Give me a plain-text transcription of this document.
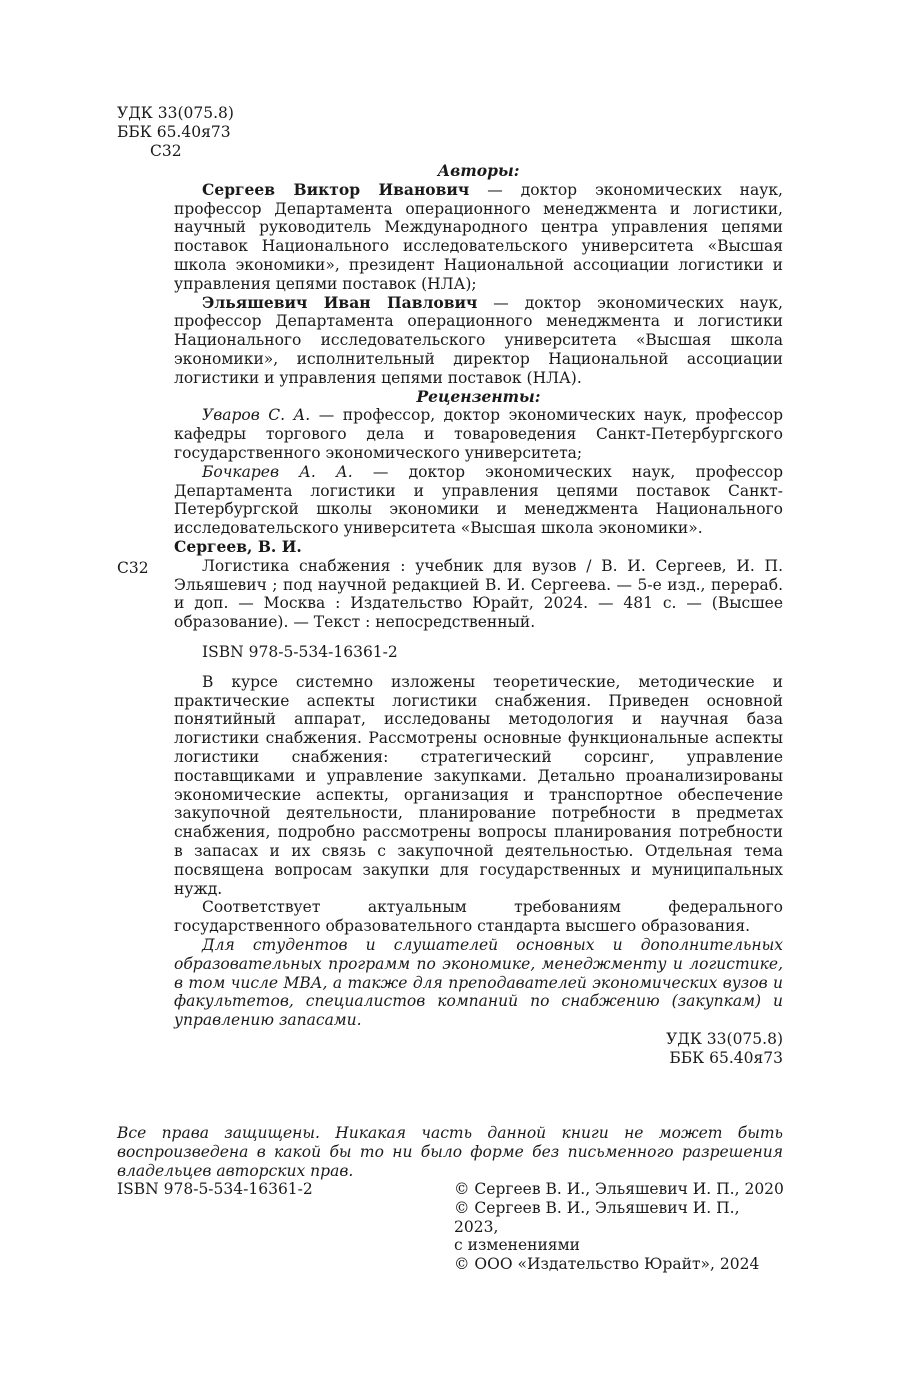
УДК 33(075.8)

ББК 65.40я73

С32

Авторы:

Сергеев Виктор Иванович — доктор экономических наук, профессор Департамента операционного менеджмента и логистики, научный руководитель Международного центра управления цепями поставок Национального исследовательского университета «Высшая школа экономики», президент Национальной ассоциации логистики и управления цепями поставок (НЛА);

Эльяшевич Иван Павлович — доктор экономических наук, профессор Департамента операционного менеджмента и логистики Национального исследовательского университета «Высшая школа экономики», исполнительный директор Национальной ассоциации логистики и управления цепями поставок (НЛА).

Рецензенты:

Уваров С. А. — профессор, доктор экономических наук, профессор кафедры торгового дела и товароведения Санкт-Петербургского государственного экономического университета;

Бочкарев А. А. — доктор экономических наук, профессор Департамента логистики и управления цепями поставок Санкт-Петербургской школы экономики и менеджмента Национального исследовательского университета «Высшая школа экономики».

С32

Сергеев, В. И.

Логистика снабжения : учебник для вузов / В. И. Сергеев, И. П. Эльяшевич ; под научной редакцией В. И. Сергеева. — 5-е изд., перераб. и доп. — Москва : Издательство Юрайт, 2024. — 481 с. — (Высшее образование). — Текст : непосредственный.

ISBN 978-5-534-16361-2

В курсе системно изложены теоретические, методические и практические аспекты логистики снабжения. Приведен основной понятийный аппарат, исследованы методология и научная база логистики снабжения. Рассмотрены основные функциональные аспекты логистики снабжения: стратегический сорсинг, управление поставщиками и управление закупками. Детально проанализированы экономические аспекты, организация и транспортное обеспечение закупочной деятельности, планирование потребности в предметах снабжения, подробно рассмотрены вопросы планирования потребности в запасах и их связь с закупочной деятельностью. Отдельная тема посвящена вопросам закупки для государственных и муниципальных нужд.

Соответствует актуальным требованиям федерального государственного образовательного стандарта высшего образования.

Для студентов и слушателей основных и дополнительных образовательных программ по экономике, менеджменту и логистике, в том числе МВА, а также для преподавателей экономических вузов и факультетов, специалистов компаний по снабжению (закупкам) и управлению запасами.

УДК 33(075.8)

ББК 65.40я73

Все права защищены. Никакая часть данной книги не может быть воспроизведена в какой бы то ни было форме без письменного разрешения владельцев авторских прав.
ISBN 978-5-534-16361-2	© Сергеев В. И., Эльяшевич И. П., 2020

© Сергеев В. И., Эльяшевич И. П., 2023,

с изменениями

© ООО «Издательство Юрайт», 2024
